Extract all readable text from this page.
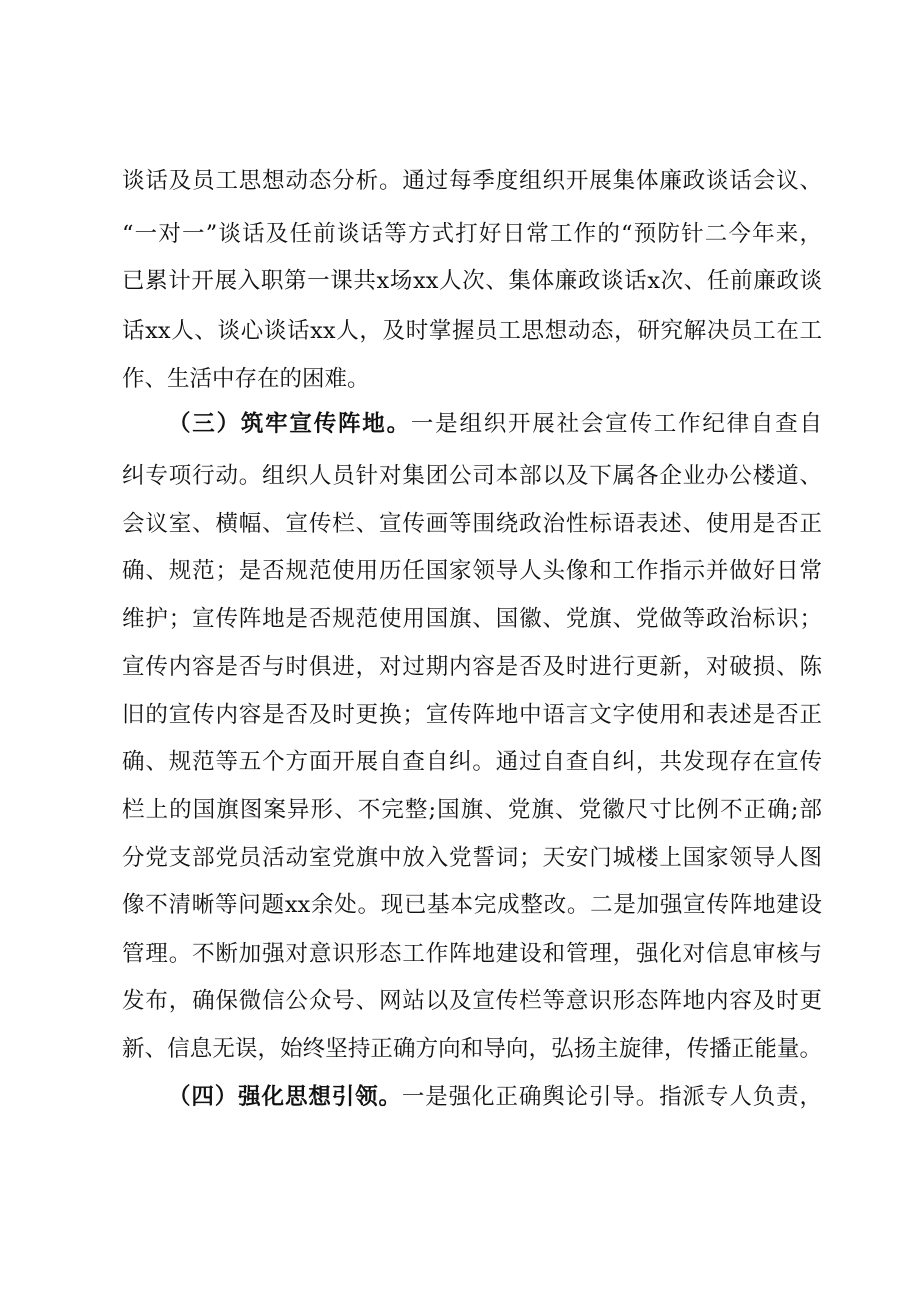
谈话及员工思想动态分析。通过每季度组织开展集体廉政谈话会议、
“一对一”谈话及任前谈话等方式打好日常工作的“预防针二今年来，
已累计开展入职第一课共x场xx人次、集体廉政谈话x次、任前廉政谈
话xx人、谈心谈话xx人，及时掌握员工思想动态，研究解决员工在工
作、生活中存在的困难。
（三）筑牢宣传阵地。一是组织开展社会宣传工作纪律自查自
纠专项行动。组织人员针对集团公司本部以及下属各企业办公楼道、
会议室、横幅、宣传栏、宣传画等围绕政治性标语表述、使用是否正
确、规范；是否规范使用历任国家领导人头像和工作指示并做好日常
维护；宣传阵地是否规范使用国旗、国徽、党旗、党做等政治标识；
宣传内容是否与时俱进，对过期内容是否及时进行更新，对破损、陈
旧的宣传内容是否及时更换；宣传阵地中语言文字使用和表述是否正
确、规范等五个方面开展自查自纠。通过自查自纠，共发现存在宣传
栏上的国旗图案异形、不完整;国旗、党旗、党徽尺寸比例不正确;部
分党支部党员活动室党旗中放入党誓词；天安门城楼上国家领导人图
像不清晰等问题xx余处。现已基本完成整改。二是加强宣传阵地建设
管理。不断加强对意识形态工作阵地建设和管理，强化对信息审核与
发布，确保微信公众号、网站以及宣传栏等意识形态阵地内容及时更
新、信息无误，始终坚持正确方向和导向，弘扬主旋律，传播正能量。
（四）强化思想引领。一是强化正确舆论引导。指派专人负责，
